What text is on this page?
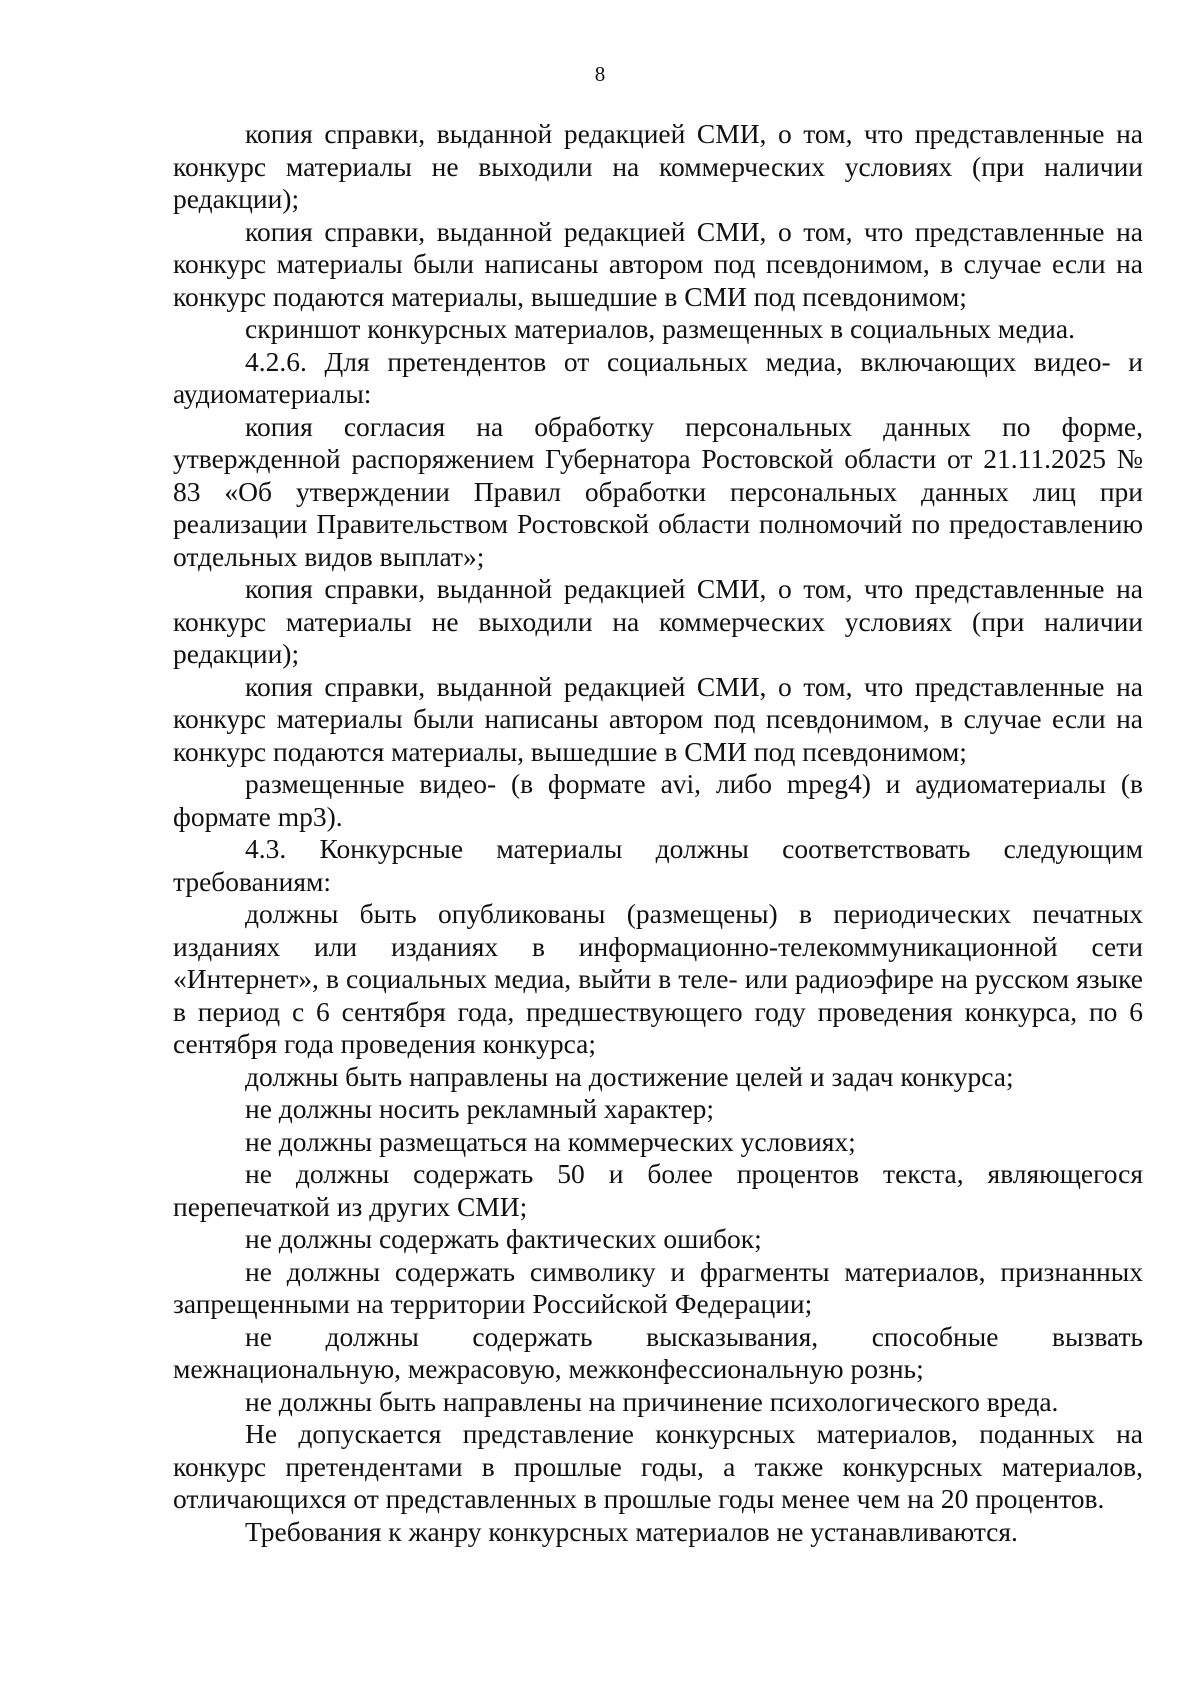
8

копия справки, выданной редакцией СМИ, о том, что представленные на конкурс материалы не выходили на коммерческих условиях (при наличии редакции);

копия справки, выданной редакцией СМИ, о том, что представленные на конкурс материалы были написаны автором под псевдонимом, в случае если на конкурс подаются материалы, вышедшие в СМИ под псевдонимом;

скриншот конкурсных материалов, размещенных в социальных медиа.

4.2.6. Для претендентов от социальных медиа, включающих видео- и аудиоматериалы:

копия согласия на обработку персональных данных по форме, утвержденной распоряжением Губернатора Ростовской области от 21.11.2025 № 83 «Об утверждении Правил обработки персональных данных лиц при реализации Правительством Ростовской области полномочий по предоставлению отдельных видов выплат»;

копия справки, выданной редакцией СМИ, о том, что представленные на конкурс материалы не выходили на коммерческих условиях (при наличии редакции);

копия справки, выданной редакцией СМИ, о том, что представленные на конкурс материалы были написаны автором под псевдонимом, в случае если на конкурс подаются материалы, вышедшие в СМИ под псевдонимом;

размещенные видео- (в формате avi, либо mpeg4) и аудиоматериалы (в формате mp3).

4.3. Конкурсные материалы должны соответствовать следующим требованиям:

должны быть опубликованы (размещены) в периодических печатных изданиях или изданиях в информационно-телекоммуникационной сети «Интернет», в социальных медиа, выйти в теле- или радиоэфире на русском языке в период с 6 сентября года, предшествующего году проведения конкурса, по 6 сентября года проведения конкурса;

должны быть направлены на достижение целей и задач конкурса;

не должны носить рекламный характер;

не должны размещаться на коммерческих условиях;

не должны содержать 50 и более процентов текста, являющегося перепечаткой из других СМИ;

не должны содержать фактических ошибок;

не должны содержать символику и фрагменты материалов, признанных запрещенными на территории Российской Федерации;

не должны содержать высказывания, способные вызвать межнациональную, межрасовую, межконфессиональную рознь;

не должны быть направлены на причинение психологического вреда.

Не допускается представление конкурсных материалов, поданных на конкурс претендентами в прошлые годы, а также конкурсных материалов, отличающихся от представленных в прошлые годы менее чем на 20 процентов.

Требования к жанру конкурсных материалов не устанавливаются.
